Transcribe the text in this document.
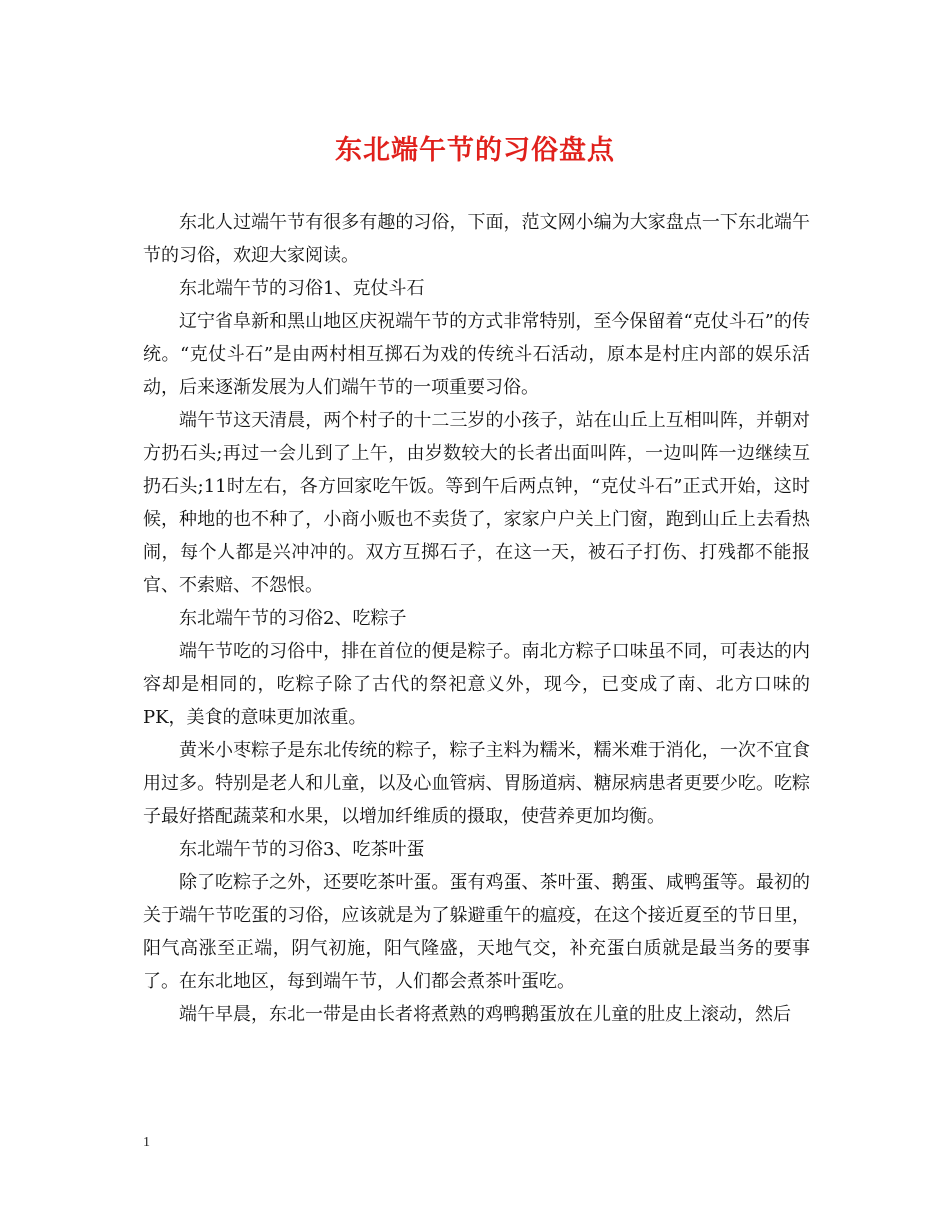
东北端午节的习俗盘点

东北人过端午节有很多有趣的习俗，下面，范文网小编为大家盘点一下东北端午节的习俗，欢迎大家阅读。

东北端午节的习俗1、克仗斗石

辽宁省阜新和黑山地区庆祝端午节的方式非常特别，至今保留着“克仗斗石”的传统。“克仗斗石”是由两村相互掷石为戏的传统斗石活动，原本是村庄内部的娱乐活动，后来逐渐发展为人们端午节的一项重要习俗。

端午节这天清晨，两个村子的十二三岁的小孩子，站在山丘上互相叫阵，并朝对方扔石头;再过一会儿到了上午，由岁数较大的长者出面叫阵，一边叫阵一边继续互扔石头;11时左右，各方回家吃午饭。等到午后两点钟，“克仗斗石”正式开始，这时候，种地的也不种了，小商小贩也不卖货了，家家户户关上门窗，跑到山丘上去看热闹，每个人都是兴冲冲的。双方互掷石子，在这一天，被石子打伤、打残都不能报官、不索赔、不怨恨。

东北端午节的习俗2、吃粽子

端午节吃的习俗中，排在首位的便是粽子。南北方粽子口味虽不同，可表达的内容却是相同的，吃粽子除了古代的祭祀意义外，现今，已变成了南、北方口味的PK，美食的意味更加浓重。

黄米小枣粽子是东北传统的粽子，粽子主料为糯米，糯米难于消化，一次不宜食用过多。特别是老人和儿童，以及心血管病、胃肠道病、糖尿病患者更要少吃。吃粽子最好搭配蔬菜和水果，以增加纤维质的摄取，使营养更加均衡。

东北端午节的习俗3、吃茶叶蛋

除了吃粽子之外，还要吃茶叶蛋。蛋有鸡蛋、茶叶蛋、鹅蛋、咸鸭蛋等。最初的关于端午节吃蛋的习俗，应该就是为了躲避重午的瘟疫，在这个接近夏至的节日里，阳气高涨至正端，阴气初施，阳气隆盛，天地气交，补充蛋白质就是最当务的要事了。在东北地区，每到端午节，人们都会煮茶叶蛋吃。

端午早晨，东北一带是由长者将煮熟的鸡鸭鹅蛋放在儿童的肚皮上滚动，然后

1
